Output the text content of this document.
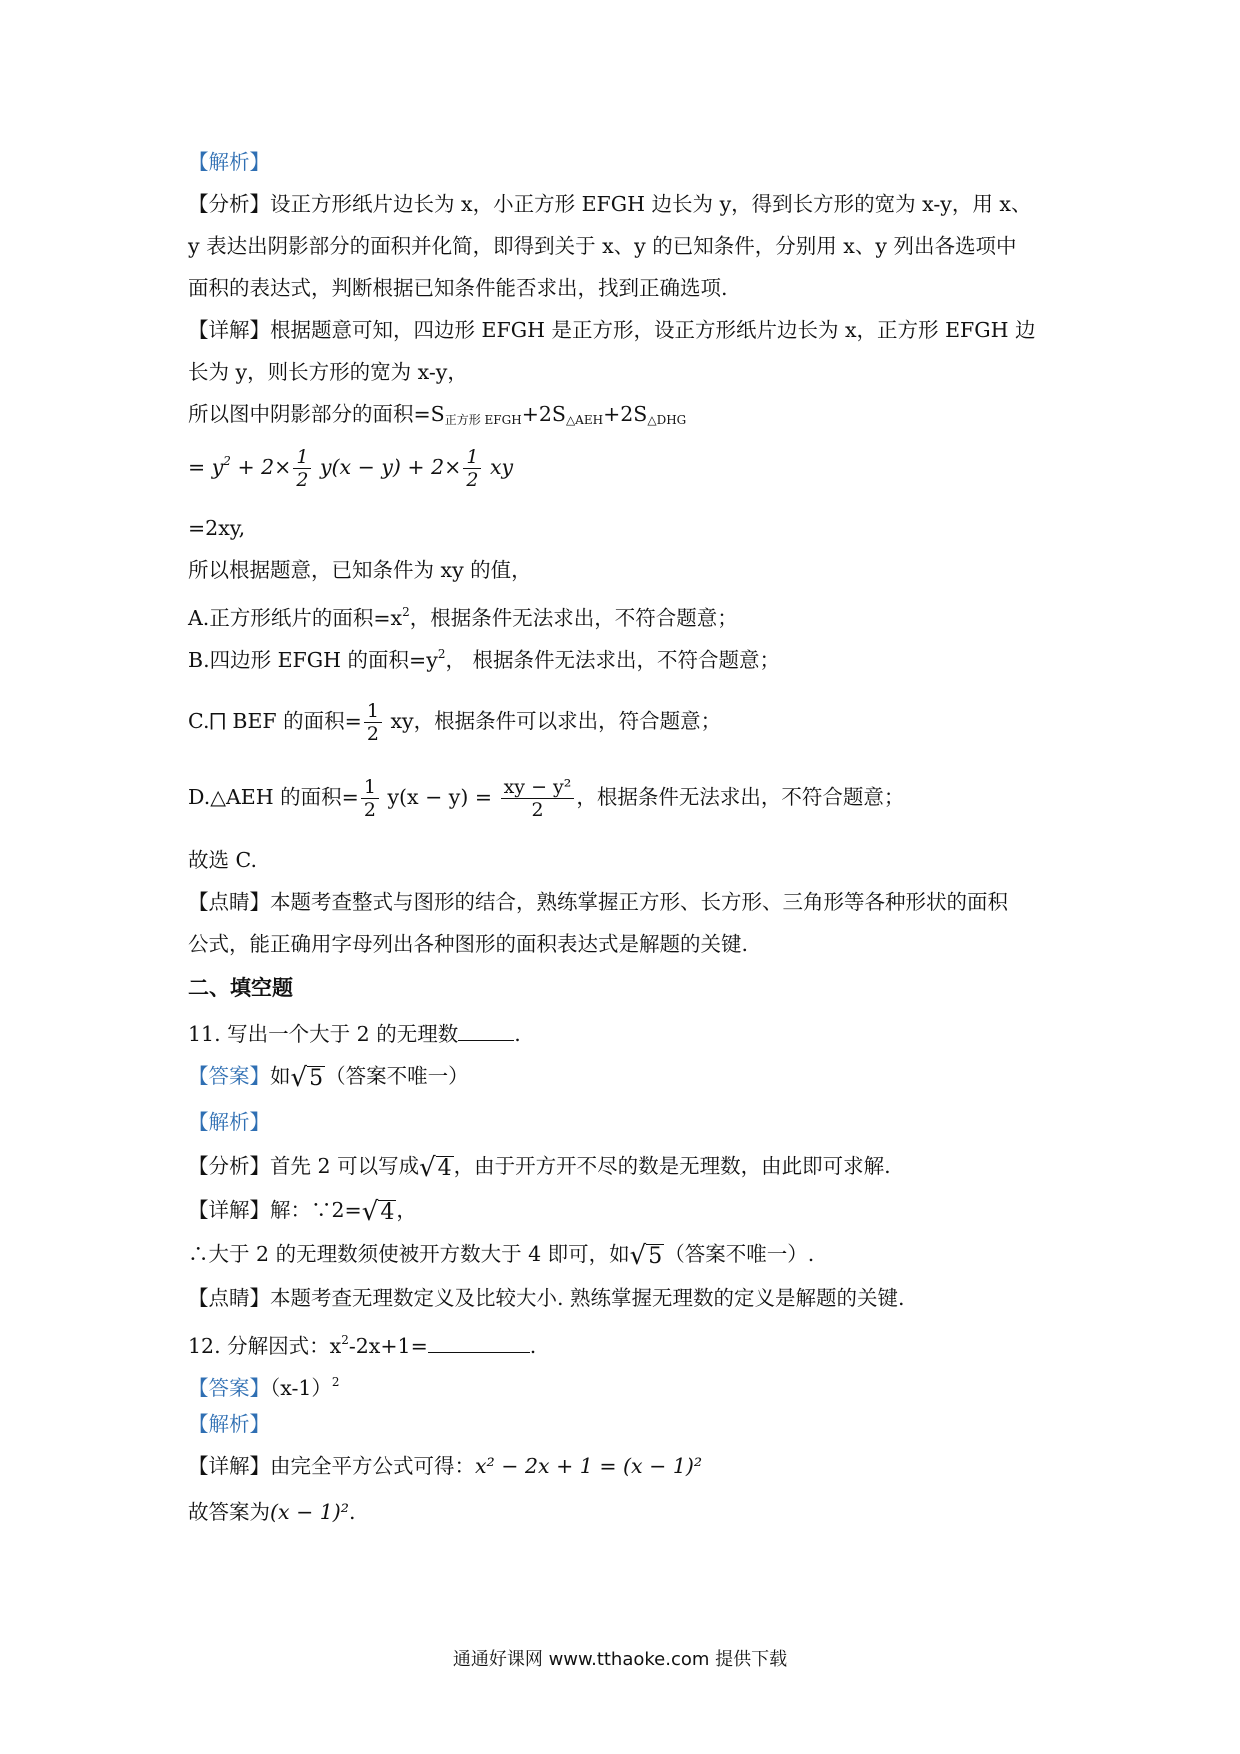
【解析】
【分析】设正方形纸片边长为 x，小正方形 EFGH 边长为 y，得到长方形的宽为 x-y，用 x、
y 表达出阴影部分的面积并化简，即得到关于 x、y 的已知条件，分别用 x、y 列出各选项中
面积的表达式，判断根据已知条件能否求出，找到正确选项.
【详解】根据题意可知，四边形 EFGH 是正方形，设正方形纸片边长为 x，正方形 EFGH 边
长为 y，则长方形的宽为 x-y，
所以图中阴影部分的面积$=S_{正方形 EFGH}+2S_{\triangle AEH}+2S_{\triangle DHG}$
= $y^2 + 2\times \frac{1}{2} y(x - y) + 2\times \frac{1}{2}$ xy
=2xy,
所以根据题意，已知条件为 xy 的值，
A.正方形纸片的面积$=x^2$，根据条件无法求出，不符合题意；
B.四边形 EFGH 的面积$=y^2$， 根据条件无法求出，不符合题意；
C.⨅ BEF 的面积= $\frac{1}{2}$ xy，根据条件可以求出，符合题意；
D.△AEH 的面积= $\frac{1}{2} y(x - y) = \frac{\text{xy − y²}}{2}$ ，根据条件无法求出，不符合题意；
故选 C.
【点睛】本题考查整式与图形的结合，熟练掌握正方形、长方形、三角形等各种形状的面积
公式，能正确用字母列出各种图形的面积表达式是解题的关键.
二、填空题
11. 写出一个大于 2 的无理数	.
【答案】如 √ 5 （答案不唯一）
【解析】
【分析】首先 2 可以写成 √ 4 ，由于开方开不尽的数是无理数，由此即可求解.
【详解】解：∵2= √ 4 ，
∴大于 2 的无理数须使被开方数大于 4 即可，如 √ 5 （答案不唯一）.
【点睛】本题考查无理数定义及比较大小. 熟练掌握无理数的定义是解题的关键.
12. 分解因式：$x^2-2x+1=$	.
【答案】$(x-1)^2$
【解析】
【详解】由完全平方公式可得：x² − 2x + 1 = (x − 1)²
故答案为(x − 1)².
通通好课网 www.tthaoke.com 提供下载
